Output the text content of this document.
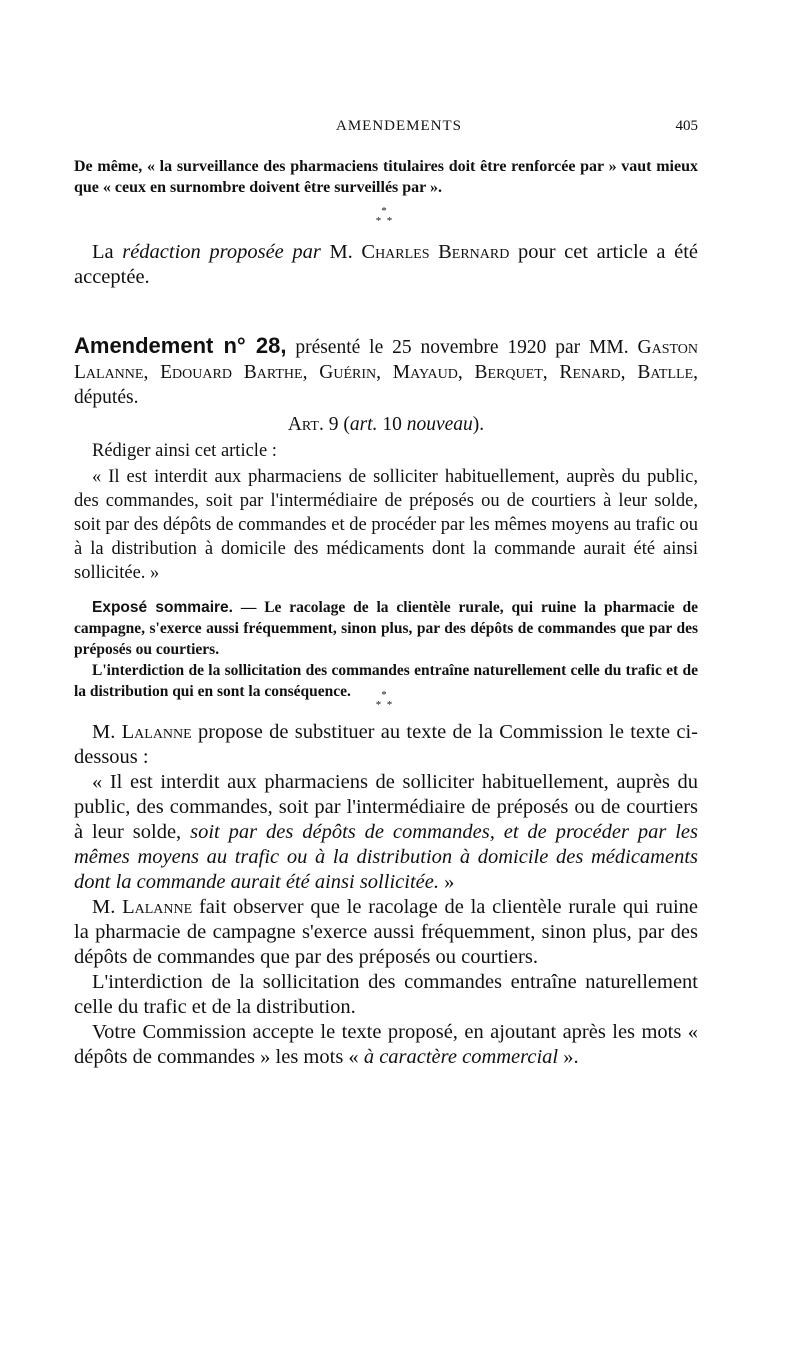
AMENDEMENTS	405

De même, « la surveillance des pharmaciens titulaires doit être renforcée par » vaut mieux que « ceux en surnombre doivent être surveillés par ».

*
*  *

La rédaction proposée par M. Charles Bernard pour cet article a été acceptée.

Amendement n° 28, présenté le 25 novembre 1920 par MM. Gaston Lalanne, Edouard Barthe, Guérin, Mayaud, Berquet, Renard, Batlle, députés.

Art. 9 (art. 10 nouveau).

Rédiger ainsi cet article :

« Il est interdit aux pharmaciens de solliciter habituellement, auprès du public, des commandes, soit par l'intermédiaire de préposés ou de courtiers à leur solde, soit par des dépôts de commandes et de procéder par les mêmes moyens au trafic ou à la distribution à domicile des médicaments dont la commande aurait été ainsi sollicitée. »

Exposé sommaire. — Le racolage de la clientèle rurale, qui ruine la pharmacie de campagne, s'exerce aussi fréquemment, sinon plus, par des dépôts de commandes que par des préposés ou courtiers.

L'interdiction de la sollicitation des commandes entraîne naturellement celle du trafic et de la distribution qui en sont la conséquence.	*
*  *

M. Lalanne propose de substituer au texte de la Commission le texte ci-dessous :

« Il est interdit aux pharmaciens de solliciter habituellement, auprès du public, des commandes, soit par l'intermédiaire de préposés ou de courtiers à leur solde, soit par des dépôts de commandes, et de procéder par les mêmes moyens au trafic ou à la distribution à domicile des médicaments dont la commande aurait été ainsi sollicitée. »

M. Lalanne fait observer que le racolage de la clientèle rurale qui ruine la pharmacie de campagne s'exerce aussi fréquemment, sinon plus, par des dépôts de commandes que par des préposés ou courtiers.

L'interdiction de la sollicitation des commandes entraîne naturellement celle du trafic et de la distribution.

Votre Commission accepte le texte proposé, en ajoutant après les mots « dépôts de commandes » les mots « à caractère commercial ».
